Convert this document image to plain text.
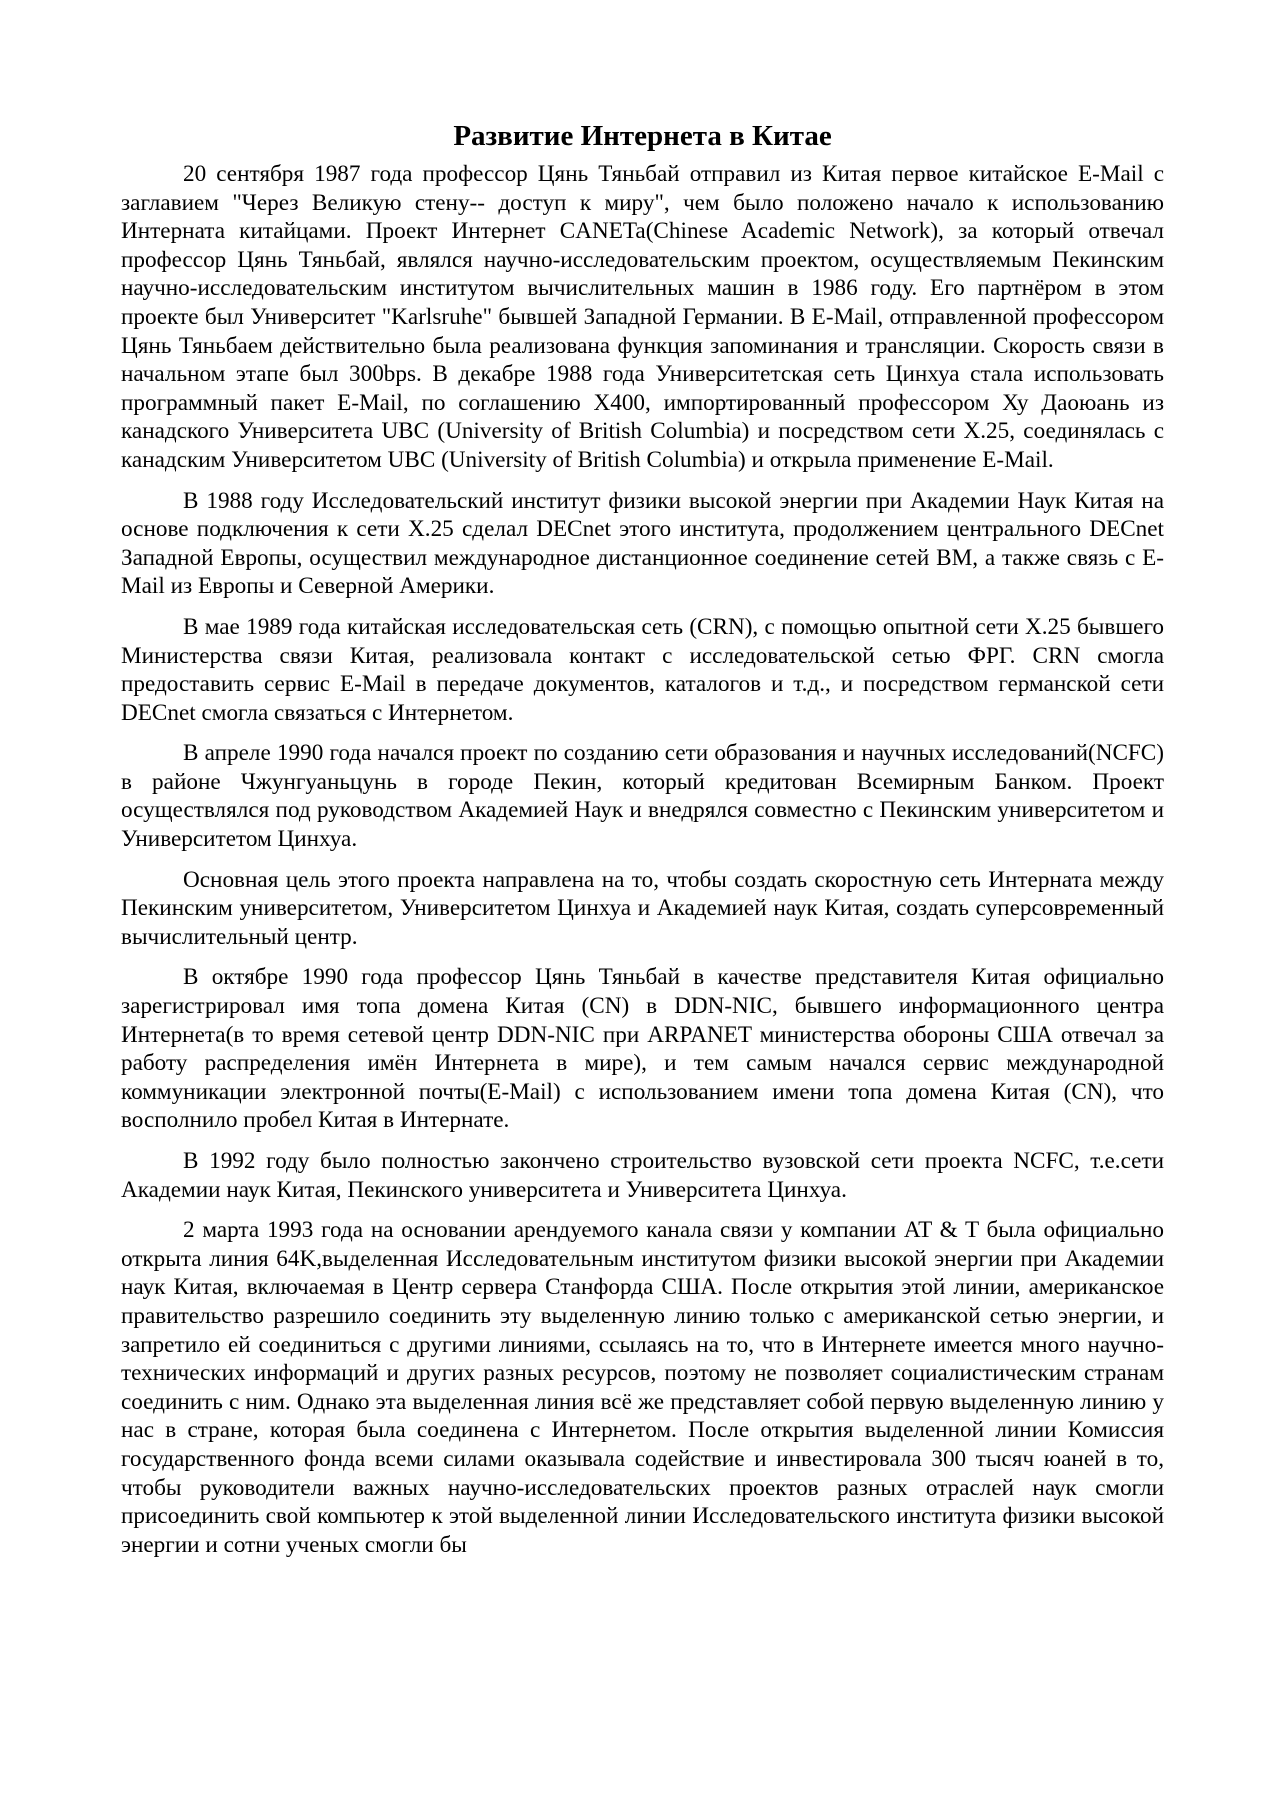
Развитие Интернета в Китае

20 сентября 1987 года профессор Цянь Тяньбай отправил из Китая первое китайское E-Mail с заглавием "Через Великую стену-- доступ к миру", чем было положено начало к использованию Интерната китайцами. Проект Интернет CANETa(Chinese Academic Network), за который отвечал профессор Цянь Тяньбай, являлся научно-исследовательским проектом, осуществляемым Пекинским научно-исследовательским институтом вычислительных машин в 1986 году. Его партнёром в этом проекте был Университет "Karlsruhe" бывшей Западной Германии. В E-Mail, отправленной профессором Цянь Тяньбаем действительно была реализована функция запоминания и трансляции. Скорость связи в начальном этапе был 300bps. В декабре 1988 года Университетская сеть Цинхуа стала использовать программный пакет E-Mail, по соглашению X400, импортированный профессором Ху Даоюань из канадского Университета UBC (University of British Columbia) и посредством сети X.25, соединялась с канадским Университетом UBC (University of British Columbia) и открыла применение E-Mail.

В 1988 году Исследовательский институт физики высокой энергии при Академии Наук Китая на основе подключения к сети X.25 сделал DECnet этого института, продолжением центрального DECnet Западной Европы, осуществил международное дистанционное соединение сетей BM, а также связь с E-Mail из Европы и Северной Америки.

В мае 1989 года китайская исследовательская сеть (CRN), с помощью опытной сети X.25 бывшего Министерства связи Китая, реализовала контакт с исследовательской сетью ФРГ. CRN смогла предоставить сервис E-Mail в передаче документов, каталогов и т.д., и посредством германской сети DECnet смогла связаться с Интернетом.

В апреле 1990 года начался проект по созданию сети образования и научных исследований(NCFC) в районе Чжунгуаньцунь в городе Пекин, который кредитован Всемирным Банком. Проект осуществлялся под руководством Академией Наук и внедрялся совместно с Пекинским университетом и Университетом Цинхуа.

Основная цель этого проекта направлена на то, чтобы создать скоростную сеть Интерната между Пекинским университетом, Университетом Цинхуа и Академией наук Китая, создать суперсовременный вычислительный центр.

В октябре 1990 года профессор Цянь Тяньбай в качестве представителя Китая официально зарегистрировал имя топа домена Китая (CN) в DDN-NIC, бывшего информационного центра Интернета(в то время сетевой центр DDN-NIC при ARPANET министерства обороны США отвечал за работу распределения имён Интернета в мире), и тем самым начался сервис международной коммуникации электронной почты(E-Mail) с использованием имени топа домена Китая (CN), что восполнило пробел Китая в Интернате.

В 1992 году было полностью закончено строительство вузовской сети проекта NCFC, т.е.сети Академии наук Китая, Пекинского университета и Университета Цинхуа.

2 марта 1993 года на основании арендуемого канала связи у компании AT & T была официально открыта линия 64K,выделенная Исследовательным институтом физики высокой энергии при Академии наук Китая, включаемая в Центр сервера Станфорда США. После открытия этой линии, американское правительство разрешило соединить эту выделенную линию только с американской сетью энергии, и запретило ей соединиться с другими линиями, ссылаясь на то, что в Интернете имеется много научно-технических информаций и других разных ресурсов, поэтому не позволяет социалистическим странам соединить с ним. Однако эта выделенная линия всё же представляет собой первую выделенную линию у нас в стране, которая была соединена с Интернетом. После открытия выделенной линии Комиссия государственного фонда всеми силами оказывала содействие и инвестировала 300 тысяч юаней в то, чтобы руководители важных научно-исследовательских проектов разных отраслей наук смогли присоединить свой компьютер к этой выделенной линии Исследовательского института физики высокой энергии и сотни ученых смогли бы
